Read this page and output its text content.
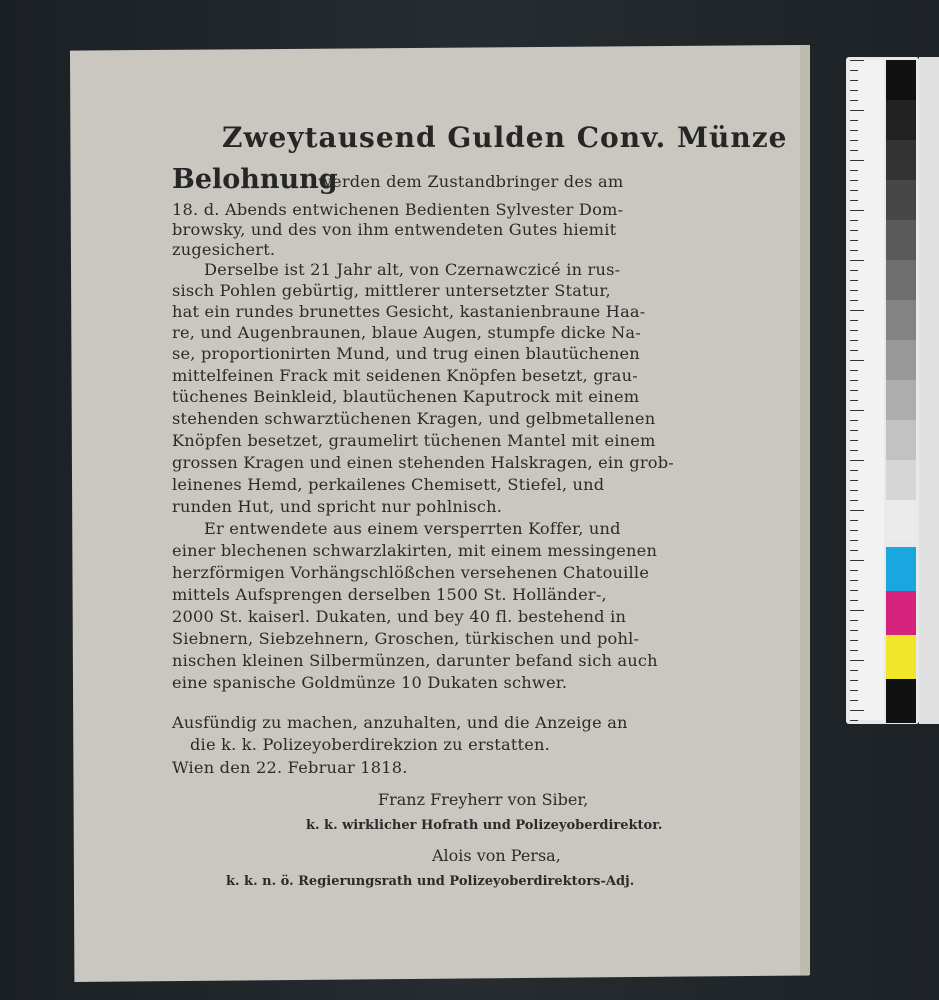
Zweytausend Gulden Conv. Münze
Belohnung
werden dem Zustandbringer des am
18. d. Abends entwichenen Bedienten Sylvester Dom-
browsky, und des von ihm entwendeten Gutes hiemit
zugesichert.
Derselbe ist 21 Jahr alt, von Czernawczicé in rus-
sisch Pohlen gebürtig, mittlerer untersetzter Statur,
hat ein rundes brunettes Gesicht, kastanienbraune Haa-
re, und Augenbraunen, blaue Augen, stumpfe dicke Na-
se, proportionirten Mund, und trug einen blautüchenen
mittelfeinen Frack mit seidenen Knöpfen besetzt, grau-
tüchenes Beinkleid, blautüchenen Kaputrock mit einem
stehenden schwarztüchenen Kragen, und gelbmetallenen
Knöpfen besetzet, graumelirt tüchenen Mantel mit einem
grossen Kragen und einen stehenden Halskragen, ein grob-
leinenes Hemd, perkailenes Chemisett, Stiefel, und
runden Hut, und spricht nur pohlnisch.
Er entwendete aus einem versperrten Koffer, und
einer blechenen schwarzlakirten, mit einem messingenen
herzförmigen Vorhängschlößchen versehenen Chatouille
mittels Aufsprengen derselben 1500 St. Holländer-,
2000 St. kaiserl. Dukaten, und bey 40 fl. bestehend in
Siebnern, Siebzehnern, Groschen, türkischen und pohl-
nischen kleinen Silbermünzen, darunter befand sich auch
eine spanische Goldmünze 10 Dukaten schwer.
Ausfündig zu machen, anzuhalten, und die Anzeige an
die k. k. Polizeyoberdirekzion zu erstatten.
Wien den 22. Februar 1818.
Franz Freyherr von Siber,
k. k. wirklicher Hofrath und Polizeyoberdirektor.
Alois von Persa,
k. k. n. ö. Regierungsrath und Polizeyoberdirektors-Adj.
